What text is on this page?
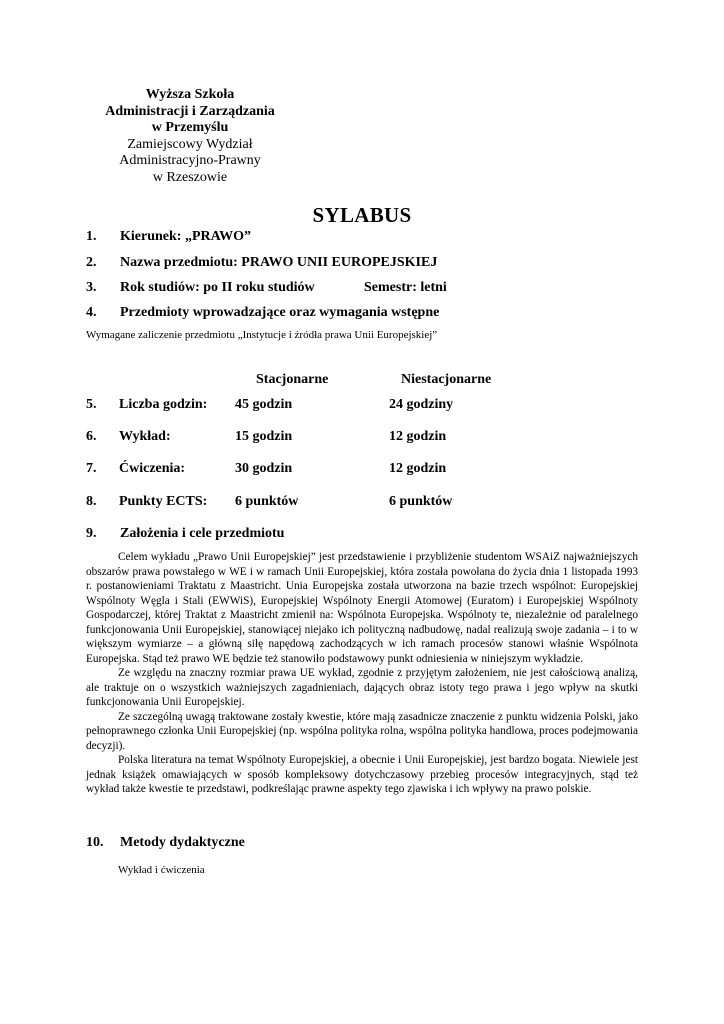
Wyższa Szkoła
Administracji i Zarządzania
w Przemyślu
Zamiejscowy Wydział
Administracyjno-Prawny
w Rzeszowie
SYLABUS
1. Kierunek: „PRAWO”
2. Nazwa przedmiotu: PRAWO UNII EUROPEJSKIEJ
3. Rok studiów: po II roku studiów	Semestr: letni
4. Przedmioty wprowadzające oraz wymagania wstępne
Wymagane zaliczenie przedmiotu „Instytucje i źródła prawa Unii Europejskiej”
Stacjonarne	Niestacjonarne
5. Liczba godzin: 45 godzin	24 godziny
6. Wykład:	15 godzin	12 godzin
7. Ćwiczenia:	30 godzin	12 godzin
8. Punkty ECTS: 6 punktów	6 punktów
9. Założenia i cele przedmiotu

Celem wykładu „Prawo Unii Europejskiej” jest przedstawienie i przybliżenie studentom WSAiZ najważniejszych obszarów prawa powstałego w WE i w ramach Unii Europejskiej, która została powołana do życia dnia 1 listopada 1993 r. postanowieniami Traktatu z Maastricht. Unia Europejska została utworzona na bazie trzech wspólnot: Europejskiej Wspólnoty Węgla i Stali (EWWiS), Europejskiej Wspólnoty Energii Atomowej (Euratom) i Europejskiej Wspólnoty Gospodarczej, której Traktat z Maastricht zmienił na: Wspólnota Europejska. Wspólnoty te, niezależnie od paralelnego funkcjonowania Unii Europejskiej, stanowiącej niejako ich polityczną nadbudowę, nadal realizują swoje zadania – i to w większym wymiarze – a główną siłę napędową zachodzących w ich ramach procesów stanowi właśnie Wspólnota Europejska. Stąd też prawo WE będzie też stanowiło podstawowy punkt odniesienia w niniejszym wykładzie.

Ze względu na znaczny rozmiar prawa UE wykład, zgodnie z przyjętym założeniem, nie jest całościową analizą, ale traktuje on o wszystkich ważniejszych zagadnieniach, dających obraz istoty tego prawa i jego wpływ na skutki funkcjonowania Unii Europejskiej.

Ze szczególną uwagą traktowane zostały kwestie, które mają zasadnicze znaczenie z punktu widzenia Polski, jako pełnoprawnego członka Unii Europejskiej (np. wspólna polityka rolna, wspólna polityka handlowa, proces podejmowania decyzji).

Polska literatura na temat Wspólnoty Europejskiej, a obecnie i Unii Europejskiej, jest bardzo bogata. Niewiele jest jednak książek omawiających w sposób kompleksowy dotychczasowy przebieg procesów integracyjnych, stąd też wykład także kwestie te przedstawi, podkreślając prawne aspekty tego zjawiska i ich wpływy na prawo polskie.

10. Metody dydaktyczne
Wykład i ćwiczenia
